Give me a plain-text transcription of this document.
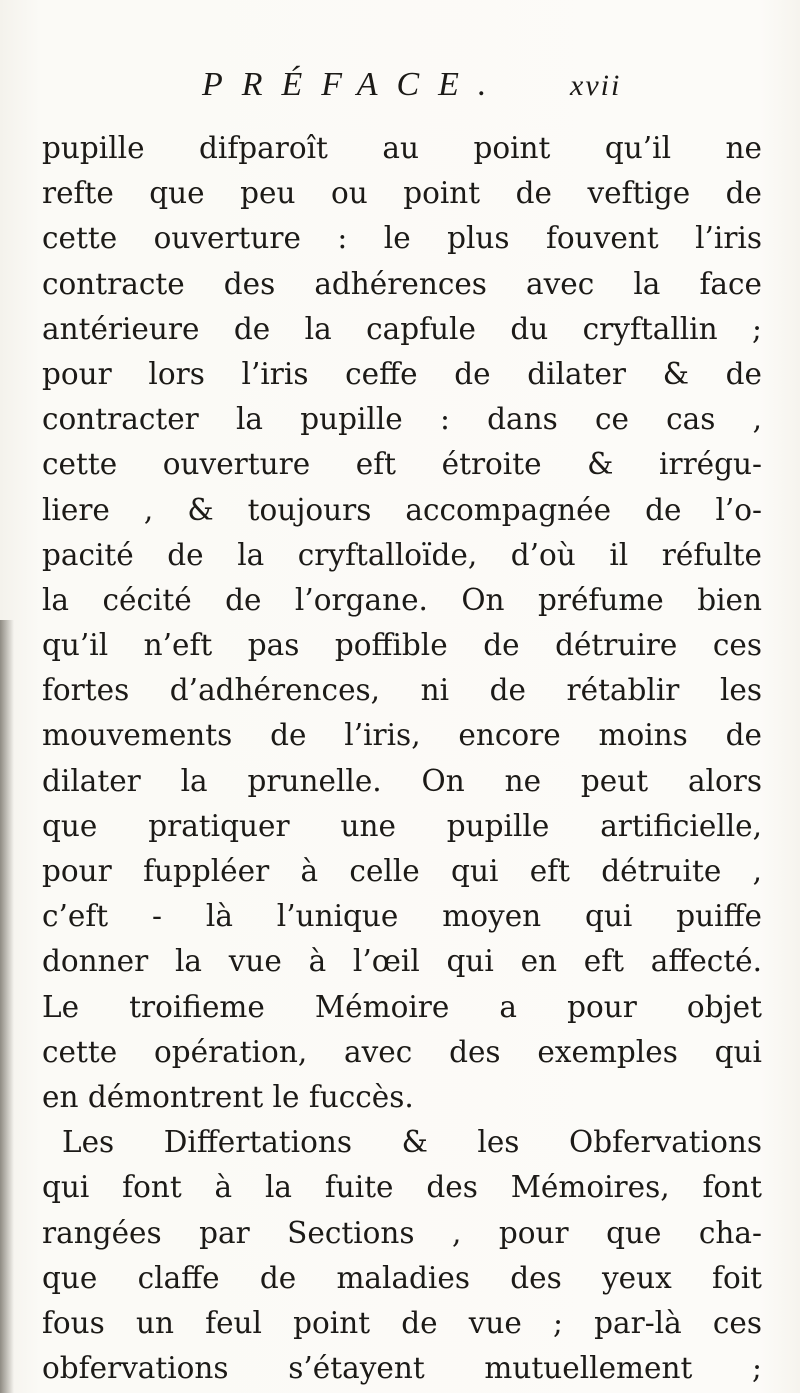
PRÉFACE. xvii
pupille difparoît au point qu’il ne
refte que peu ou point de veftige de
cette ouverture : le plus fouvent l’iris
contracte des adhérences avec la face
antérieure de la capfule du cryftallin ;
pour lors l’iris ceffe de dilater & de
contracter la pupille : dans ce cas ,
cette ouverture eft étroite & irrégu-
liere , & toujours accompagnée de l’o-
pacité de la cryftalloïde, d’où il réfulte
la cécité de l’organe. On préfume bien
qu’il n’eft pas poffible de détruire ces
fortes d’adhérences, ni de rétablir les
mouvements de l’iris, encore moins de
dilater la prunelle. On ne peut alors
que pratiquer une pupille artificielle,
pour fuppléer à celle qui eft détruite ,
c’eft - là l’unique moyen qui puiffe
donner la vue à l’œil qui en eft affecté.
Le troifieme Mémoire a pour objet
cette opération, avec des exemples qui
en démontrent le fuccès.
Les Differtations & les Obfervations
qui font à la fuite des Mémoires, font
rangées par Sections , pour que cha-
que claffe de maladies des yeux foit
fous un feul point de vue ; par-là ces
obfervations s’étayent mutuellement ;
